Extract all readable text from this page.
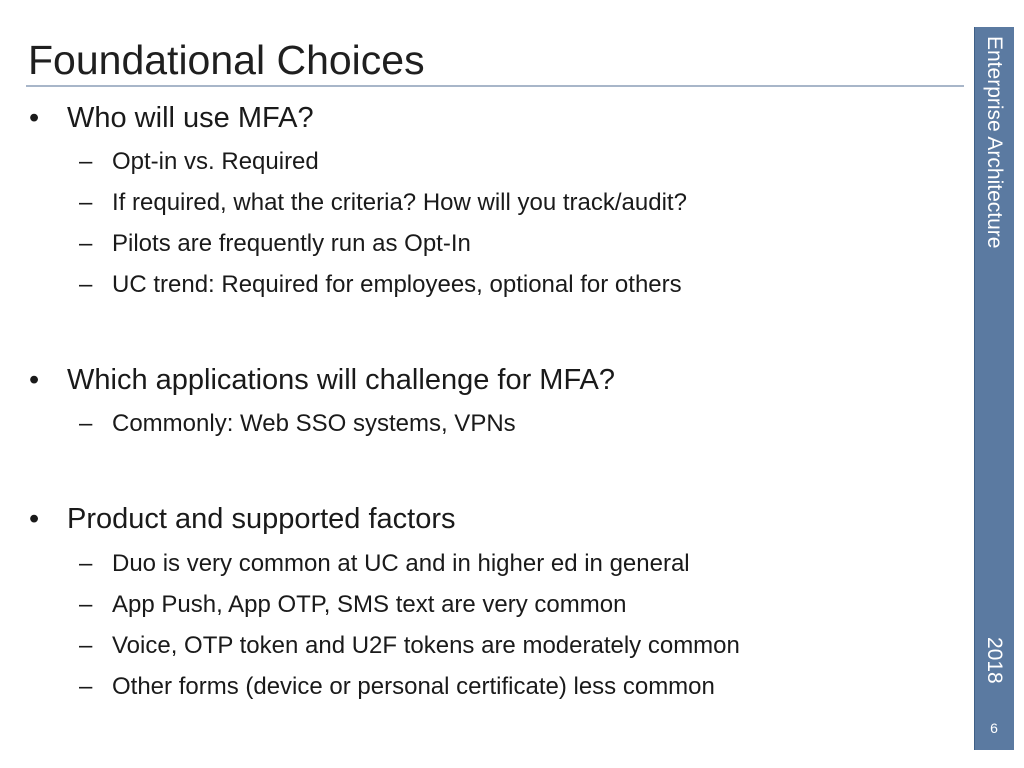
Foundational Choices
• Who will use MFA?
– Opt-in vs. Required
– If required, what the criteria? How will you track/audit?
– Pilots are frequently run as Opt-In
– UC trend: Required for employees, optional for others
• Which applications will challenge for MFA?
– Commonly: Web SSO systems, VPNs
• Product and supported factors
– Duo is very common at UC and in higher ed in general
– App Push, App OTP, SMS text are very common
– Voice, OTP token and U2F tokens are moderately common
– Other forms (device or personal certificate) less common
Enterprise Architecture
2018
6
